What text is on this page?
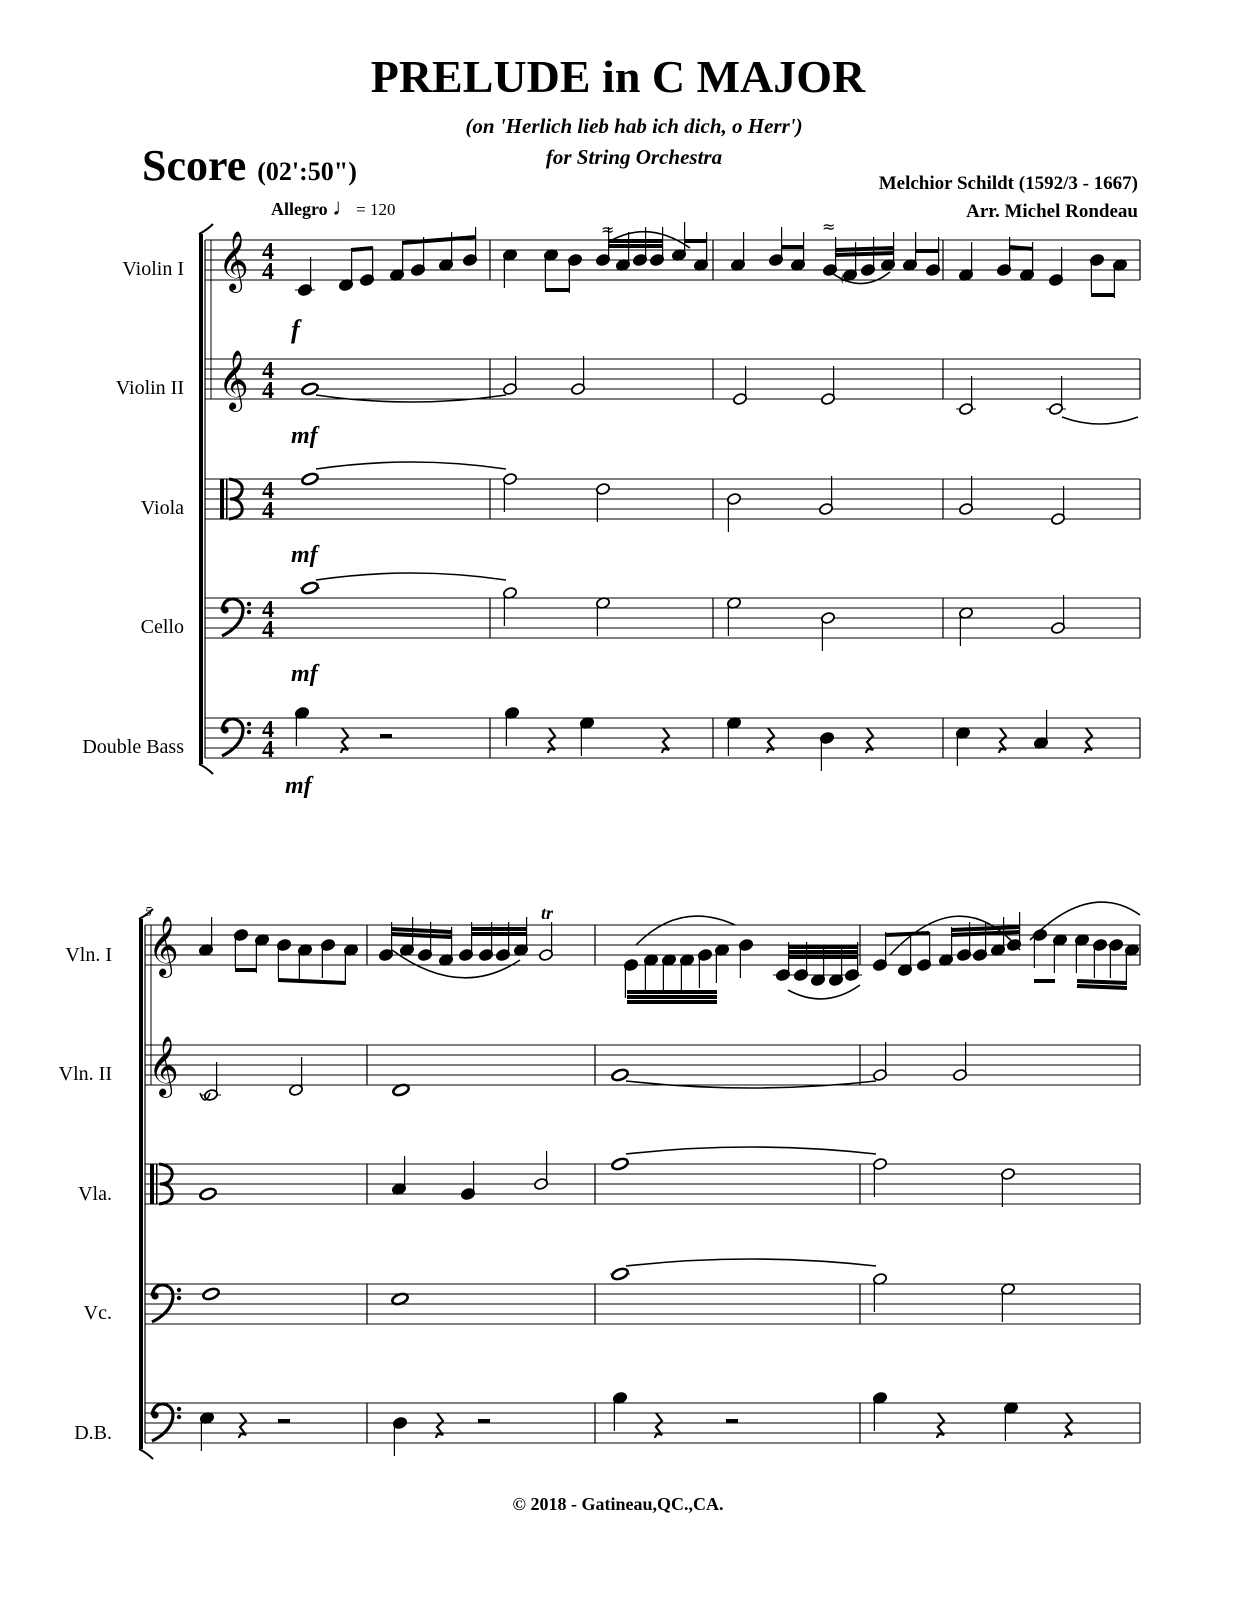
PRELUDE in C MAJOR
(on 'Herlich lieb hab ich dich, o Herr')
for String Orchestra
Score (02':50")	Melchior Schildt (1592/3 - 1667)
Arr. Michel Rondeau
Allegro ♩= 120
Violin I
Violin II
Viola
Cello
Double Bass
Vln. I
Vln. II
Vla.
Vc.
D.B.
𝄞 4
4
𝄞 4
4
4
4
4
4
4
4
𝄞
𝄞
≈
♯
≈
tr
f
mf
mf
mf
mf
5
© 2018 - Gatineau,QC.,CA.
